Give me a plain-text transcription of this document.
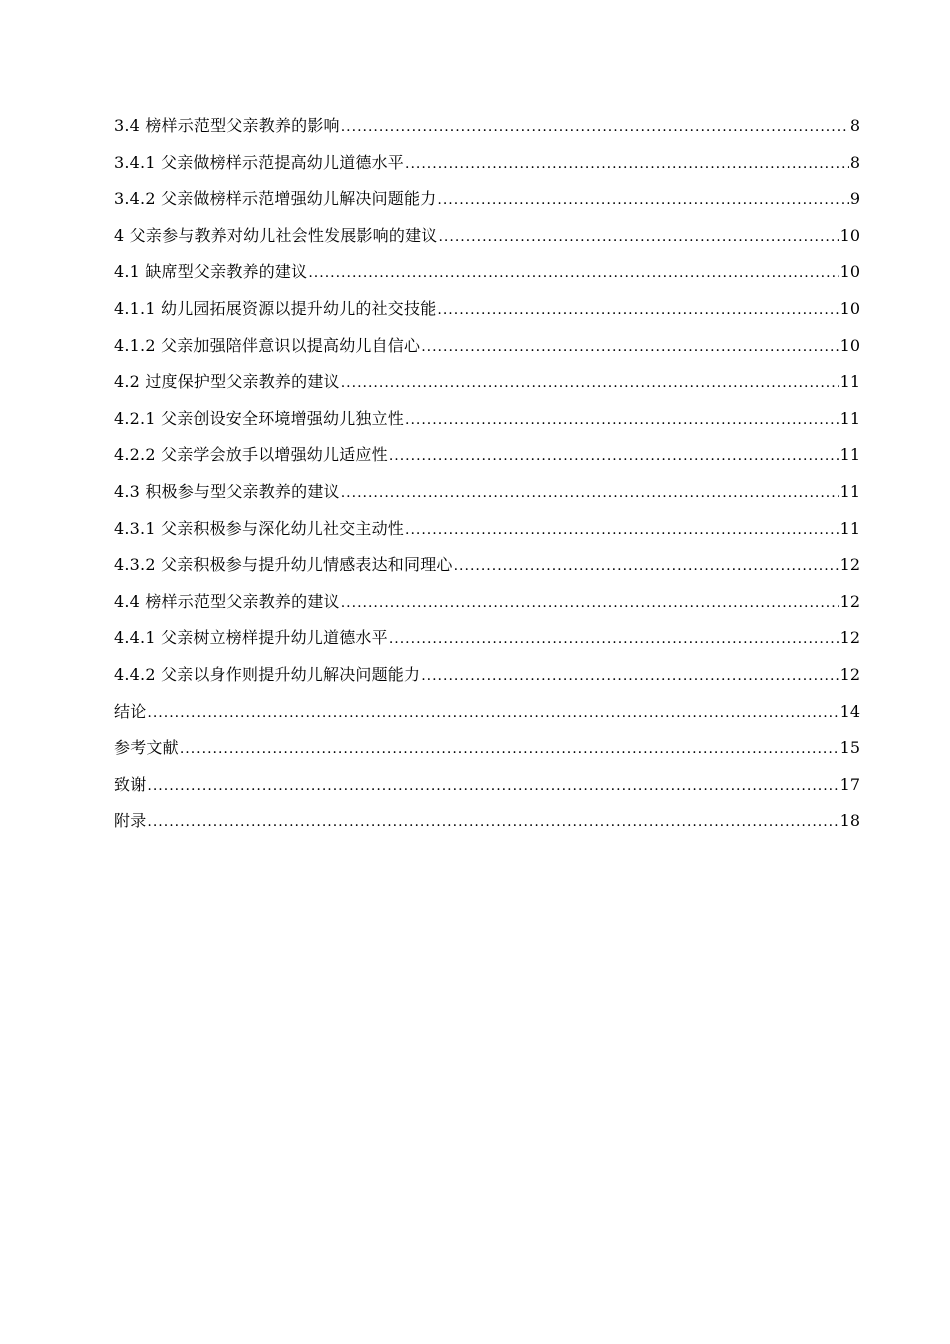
3.4 榜样示范型父亲教养的影响 .....	8
3.4.1 父亲做榜样示范提高幼儿道德水平 .....	8
3.4.2 父亲做榜样示范增强幼儿解决问题能力 .....	9
4 父亲参与教养对幼儿社会性发展影响的建议 .....	10
4.1 缺席型父亲教养的建议 .....	10
4.1.1 幼儿园拓展资源以提升幼儿的社交技能 .....	10
4.1.2 父亲加强陪伴意识以提高幼儿自信心 .....	10
4.2 过度保护型父亲教养的建议 .....	11
4.2.1 父亲创设安全环境增强幼儿独立性 .....	11
4.2.2 父亲学会放手以增强幼儿适应性 .....	11
4.3 积极参与型父亲教养的建议 .....	11
4.3.1 父亲积极参与深化幼儿社交主动性 .....	11
4.3.2 父亲积极参与提升幼儿情感表达和同理心 .....	12
4.4 榜样示范型父亲教养的建议 .....	12
4.4.1 父亲树立榜样提升幼儿道德水平 .....	12
4.4.2 父亲以身作则提升幼儿解决问题能力 .....	12
结论 .....	14
参考文献 .....	15
致谢 .....	17
附录 .....	18
